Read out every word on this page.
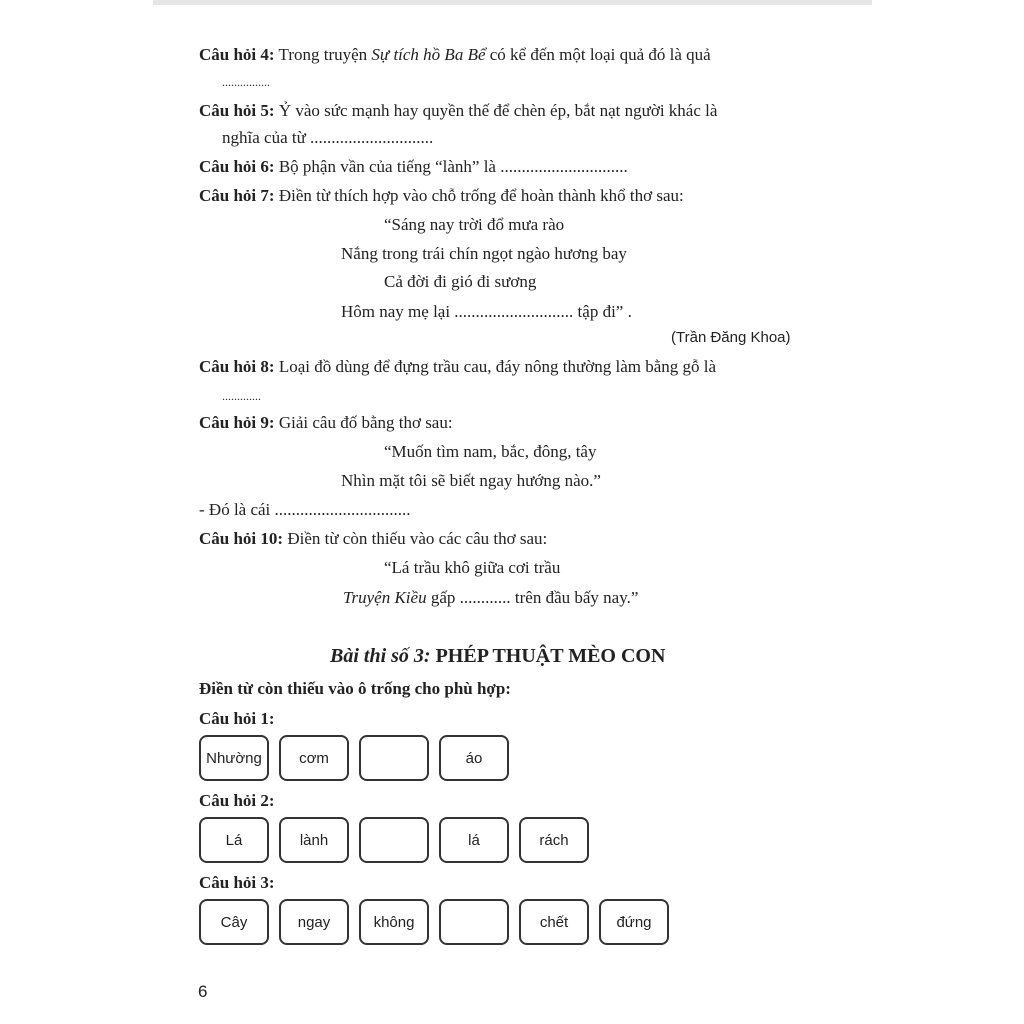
Câu hỏi 4: Trong truyện Sự tích hồ Ba Bể có kể đến một loại quả đó là quả
................
Câu hỏi 5: Ỷ vào sức mạnh hay quyền thế để chèn ép, bắt nạt người khác là
nghĩa của từ .............................
Câu hỏi 6: Bộ phận vần của tiếng “lành” là ..............................
Câu hỏi 7: Điền từ thích hợp vào chỗ trống để hoàn thành khổ thơ sau:
“Sáng nay trời đổ mưa rào
Nắng trong trái chín ngọt ngào hương bay
Cả đời đi gió đi sương
Hôm nay mẹ lại ............................ tập đi” .
(Trần Đăng Khoa)
Câu hỏi 8: Loại đồ dùng để đựng trầu cau, đáy nông thường làm bằng gỗ là
.............
Câu hỏi 9: Giải câu đố bằng thơ sau:
“Muốn tìm nam, bắc, đông, tây
Nhìn mặt tôi sẽ biết ngay hướng nào.”
- Đó là cái ................................
Câu hỏi 10: Điền từ còn thiếu vào các câu thơ sau:
“Lá trầu khô giữa cơi trầu
Truyện Kiều gấp ............ trên đầu bấy nay.”
Bài thi số 3: PHÉP THUẬT MÈO CON
Điền từ còn thiếu vào ô trống cho phù hợp:
Câu hỏi 1:
Nhường	cơm	áo
Câu hỏi 2:
Lá	lành	lá	rách
Câu hỏi 3:
Cây	ngay	không	chết	đứng
6
